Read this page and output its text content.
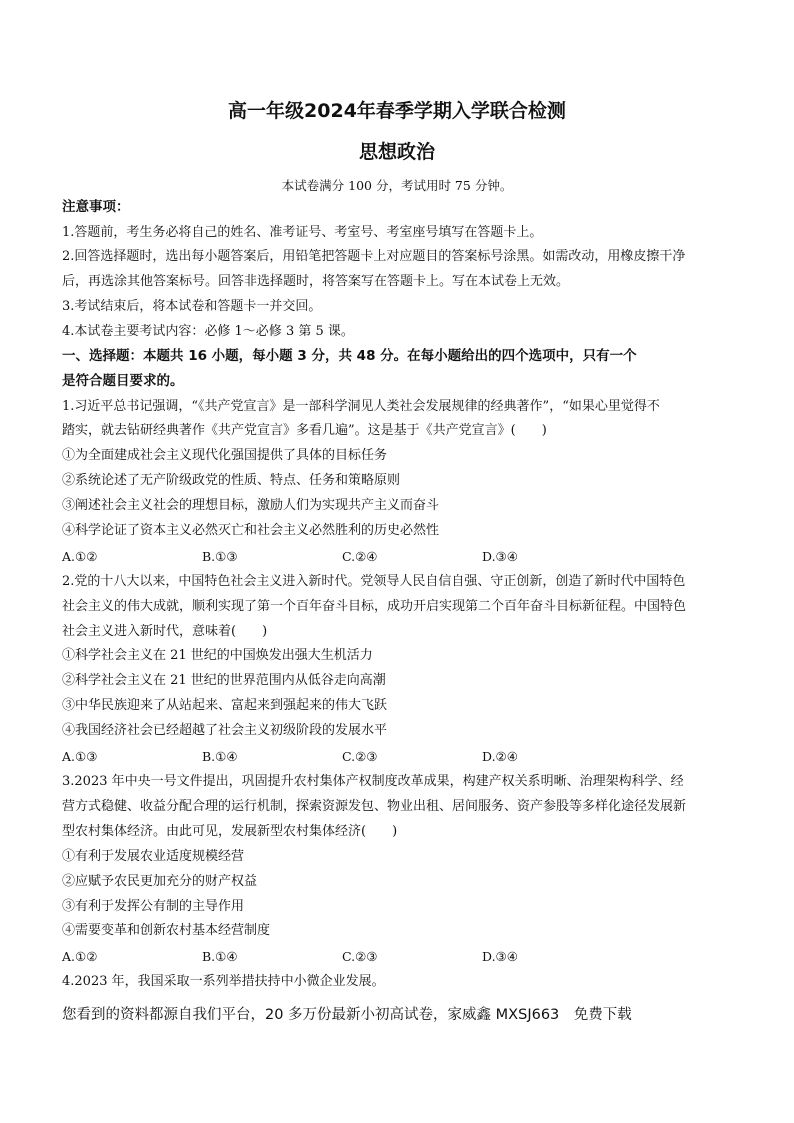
高一年级2024年春季学期入学联合检测
思想政治
本试卷满分 100 分，考试用时 75 分钟。
注意事项：
1.答题前，考生务必将自己的姓名、准考证号、考室号、考室座号填写在答题卡上。
2.回答选择题时，选出每小题答案后，用铅笔把答题卡上对应题目的答案标号涂黑。如需改动，用橡皮擦干净
后，再选涂其他答案标号。回答非选择题时，将答案写在答题卡上。写在本试卷上无效。
3.考试结束后，将本试卷和答题卡一并交回。
4.本试卷主要考试内容：必修 1～必修 3 第 5 课。
一、选择题：本题共 16 小题，每小题 3 分，共 48 分。在每小题给出的四个选项中，只有一个
是符合题目要求的。
1.习近平总书记强调，“《共产党宣言》是一部科学洞见人类社会发展规律的经典著作”，“如果心里觉得不
踏实，就去钻研经典著作《共产党宣言》多看几遍”。这是基于《共产党宣言》(　　)
①为全面建成社会主义现代化强国提供了具体的目标任务
②系统论述了无产阶级政党的性质、特点、任务和策略原则
③阐述社会主义社会的理想目标，激励人们为实现共产主义而奋斗
④科学论证了资本主义必然灭亡和社会主义必然胜利的历史必然性
A.①②	B.①③	C.②④	D.③④
2.党的十八大以来，中国特色社会主义进入新时代。党领导人民自信自强、守正创新，创造了新时代中国特色
社会主义的伟大成就，顺利实现了第一个百年奋斗目标，成功开启实现第二个百年奋斗目标新征程。中国特色
社会主义进入新时代，意味着(　　)
①科学社会主义在 21 世纪的中国焕发出强大生机活力
②科学社会主义在 21 世纪的世界范围内从低谷走向高潮
③中华民族迎来了从站起来、富起来到强起来的伟大飞跃
④我国经济社会已经超越了社会主义初级阶段的发展水平
A.①③	B.①④	C.②③	D.②④
3.2023 年中央一号文件提出，巩固提升农村集体产权制度改革成果，构建产权关系明晰、治理架构科学、经
营方式稳健、收益分配合理的运行机制，探索资源发包、物业出租、居间服务、资产参股等多样化途径发展新
型农村集体经济。由此可见，发展新型农村集体经济(　　)
①有利于发展农业适度规模经营
②应赋予农民更加充分的财产权益
③有利于发挥公有制的主导作用
④需要变革和创新农村基本经营制度
A.①②	B.①④	C.②③	D.③④
4.2023 年，我国采取一系列举措扶持中小微企业发展。
您看到的资料都源自我们平台，20 多万份最新小初高试卷，家威鑫 MXSJ663　免费下载
